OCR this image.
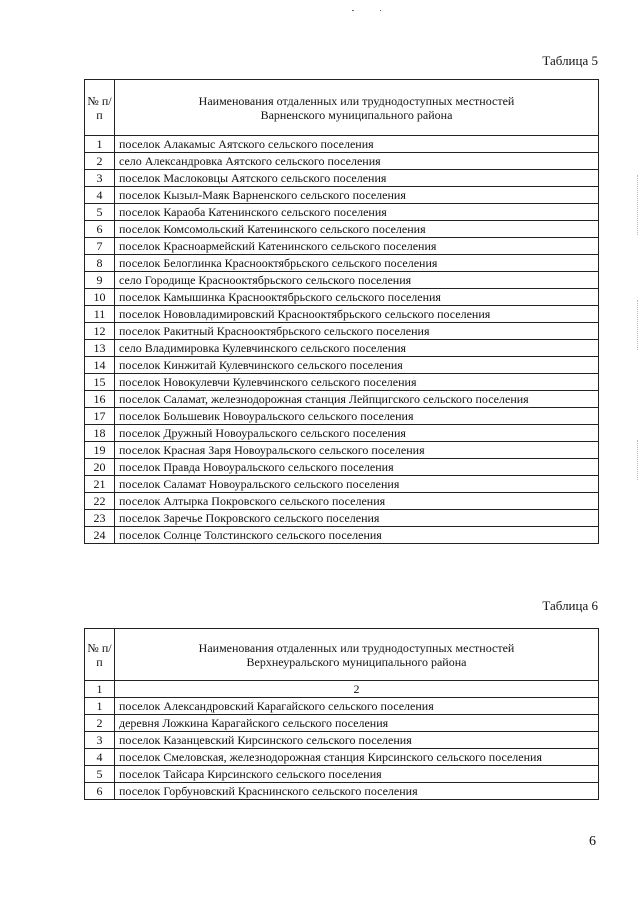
Таблица 5
№ п/п	Наименования отдаленных или труднодоступных местностей
Варненского муниципального района

1	поселок Алакамыс Аятского сельского поселения
2	село Александровка Аятского сельского поселения
3	поселок Маслоковцы Аятского сельского поселения
4	поселок Кызыл-Маяк Варненского сельского поселения
5	поселок Караоба Катенинского сельского поселения
6	поселок Комсомольский Катенинского сельского поселения
7	поселок Красноармейский Катенинского сельского поселения
8	поселок Белоглинка Краснооктябрьского сельского поселения
9	село Городище Краснооктябрьского сельского поселения
10	поселок Камышинка Краснооктябрьского сельского поселения
11	поселок Нововладимировский Краснооктябрьского сельского поселения
12	поселок Ракитный Краснооктябрьского сельского поселения
13	село Владимировка Кулевчинского сельского поселения
14	поселок Кинжитай Кулевчинского сельского поселения
15	поселок Новокулевчи Кулевчинского сельского поселения
16	поселок Саламат, железнодорожная станция Лейпцигского сельского поселения
17	поселок Большевик Новоуральского сельского поселения
18	поселок Дружный Новоуральского сельского поселения
19	поселок Красная Заря Новоуральского сельского поселения
20	поселок Правда Новоуральского сельского поселения
21	поселок Саламат Новоуральского сельского поселения
22	поселок Алтырка Покровского сельского поселения
23	поселок Заречье Покровского сельского поселения
24	поселок Солнце Толстинского сельского поселения
Таблица 6
№ п/п	Наименования отдаленных или труднодоступных местностей
Верхнеуральского муниципального района

1	2
1	поселок Александровский Карагайского сельского поселения
2	деревня Ложкина Карагайского сельского поселения
3	поселок Казанцевский Кирсинского сельского поселения
4	поселок Смеловская, железнодорожная станция Кирсинского сельского поселения
5	поселок Тайсара Кирсинского сельского поселения
6	поселок Горбуновский Краснинского сельского поселения
6
